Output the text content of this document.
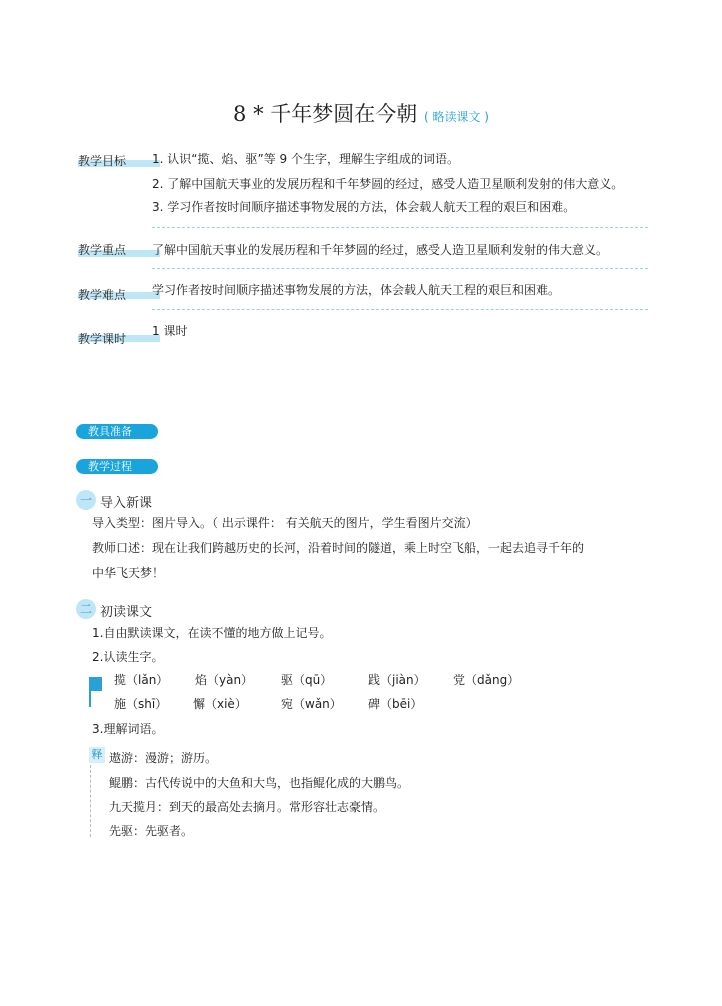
8 * 千年梦圆在今朝 ( 略读课文 )
教学目标 1. 认识“揽、焰、驱”等 9 个生字，理解生字组成的词语。
2. 了解中国航天事业的发展历程和千年梦圆的经过，感受人造卫星顺利发射的伟大意义。
3. 学习作者按时间顺序描述事物发展的方法，体会载人航天工程的艰巨和困难。
教学重点 了解中国航天事业的发展历程和千年梦圆的经过，感受人造卫星顺利发射的伟大意义。
教学难点 学习作者按时间顺序描述事物发展的方法，体会载人航天工程的艰巨和困难。
教学课时
1 课时
教具准备
教学过程
一 导入新课
导入类型：图片导入。（ 出示课件： 有关航天的图片，学生看图片交流）
教师口述：现在让我们跨越历史的长河，沿着时间的隧道，乘上时空飞船，一起去追寻千年的
中华飞天梦！
二 初读课文
1.自由默读课文，在读不懂的地方做上记号。
2.认读生字。
揽（lǎn） 焰（yàn） 驱（qū）	践（jiàn） 党（dǎng）
施（shī） 懈（xiè）	宛（wǎn） 碑（bēi）
3.理解词语。
释 遨游：漫游；游历。
鲲鹏：古代传说中的大鱼和大鸟，也指鲲化成的大鹏鸟。
九天揽月：到天的最高处去摘月。常形容壮志豪情。
先驱：先驱者。
